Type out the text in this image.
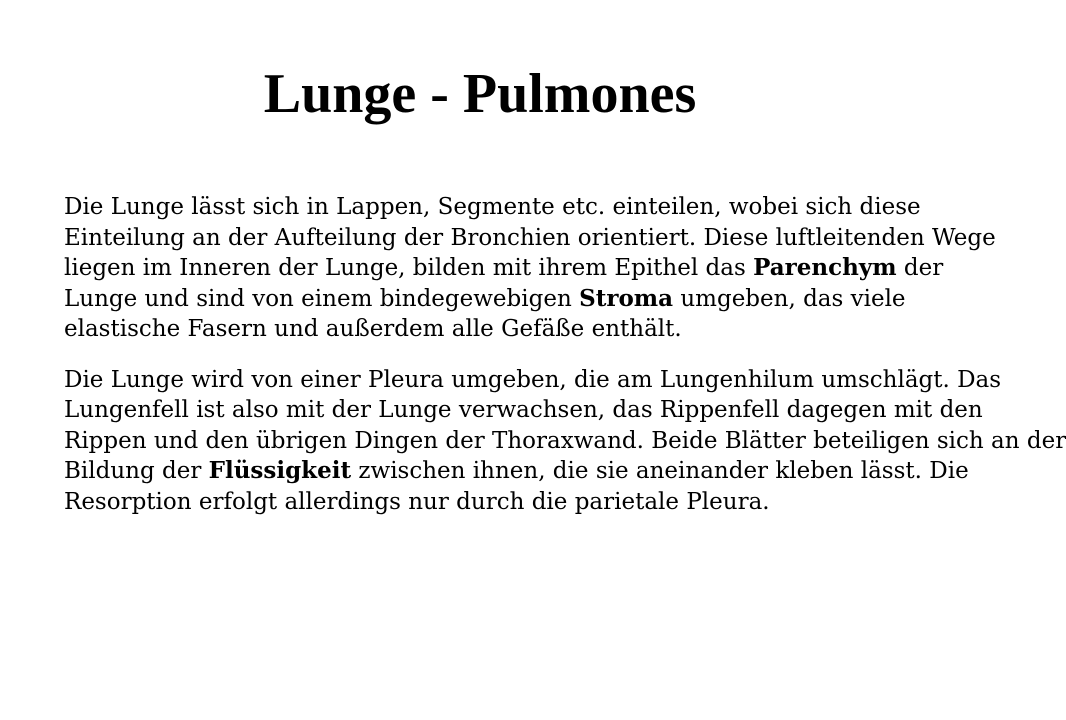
Lunge - Pulmones

Die Lunge lässt sich in Lappen, Segmente etc. einteilen, wobei sich diese
Einteilung an der Aufteilung der Bronchien orientiert. Diese luftleitenden Wege
liegen im Inneren der Lunge, bilden mit ihrem Epithel das Parenchym der
Lunge und sind von einem bindegewebigen Stroma umgeben, das viele
elastische Fasern und außerdem alle Gefäße enthält.

Die Lunge wird von einer Pleura umgeben, die am Lungenhilum umschlägt. Das
Lungenfell ist also mit der Lunge verwachsen, das Rippenfell dagegen mit den
Rippen und den übrigen Dingen der Thoraxwand. Beide Blätter beteiligen sich an der
Bildung der Flüssigkeit zwischen ihnen, die sie aneinander kleben lässt. Die
Resorption erfolgt allerdings nur durch die parietale Pleura.
